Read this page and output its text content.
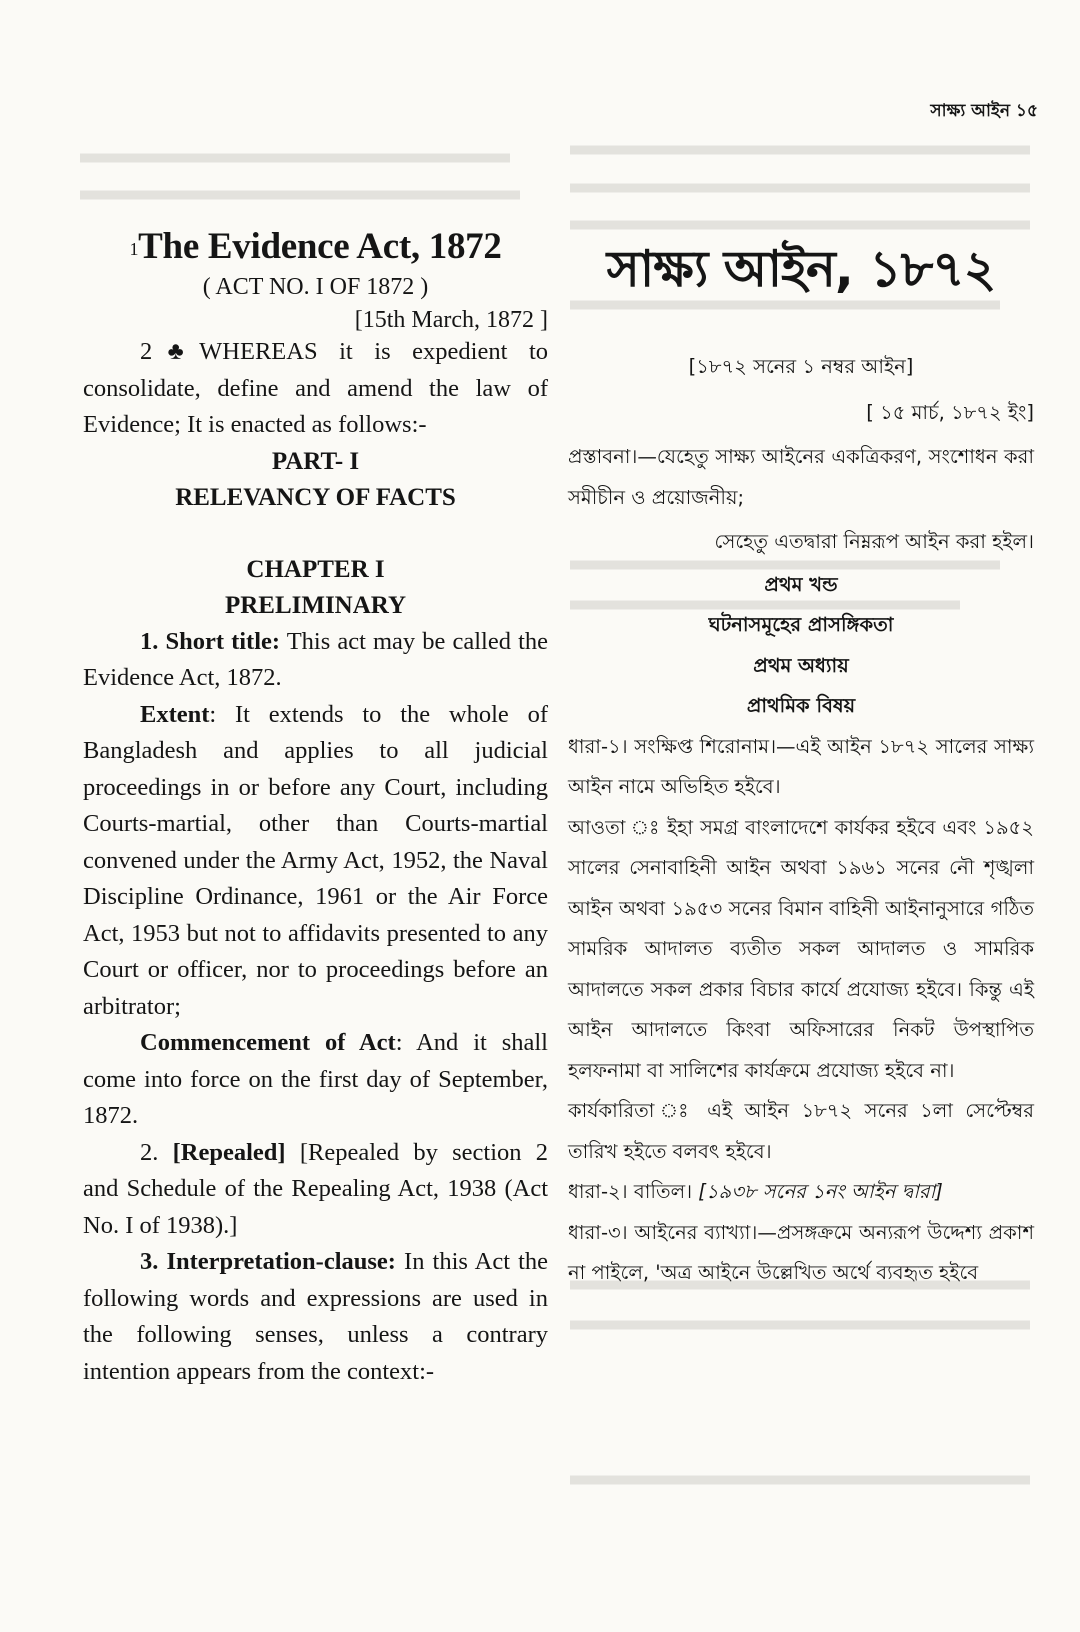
সাক্ষ্য আইন ১৫
$^1$The Evidence Act, 1872
( ACT NO. I OF 1872 )
[15th March, 1872 ]

2♣WHEREAS it is expedient to consolidate, define and amend the law of Evidence; It is enacted as follows:-

PART- I

RELEVANCY OF FACTS

CHAPTER I

PRELIMINARY

1. Short title: This act may be called the Evidence Act, 1872.

Extent: It extends to the whole of Bangladesh and applies to all judicial proceedings in or before any Court, including Courts-martial, other than Courts-martial convened under the Army Act, 1952, the Naval Discipline Ordinance, 1961 or the Air Force Act, 1953 but not to affidavits presented to any Court or officer, nor to proceedings before an arbitrator;

Commencement of Act: And it shall come into force on the first day of September, 1872.

2. [Repealed] [Repealed by section 2 and Schedule of the Repealing Act, 1938 (Act No. I of 1938).]

3. Interpretation-clause: In this Act the following words and expressions are used in the following senses, unless a contrary intention appears from the context:-

সাক্ষ্য আইন, ১৮৭২
[১৮৭২ সনের ১ নম্বর আইন]
[ ১৫ মার্চ, ১৮৭২ ইং]

প্রস্তাবনা।—যেহেতু সাক্ষ্য আইনের একত্রিকরণ, সংশোধন করা সমীচীন ও প্রয়োজনীয়;

সেহেতু এতদ্বারা নিম্নরূপ আইন করা হইল।

প্রথম খন্ড

ঘটনাসমূহের প্রাসঙ্গিকতা

প্রথম অধ্যায়

প্রাথমিক বিষয়

ধারা-১। সংক্ষিপ্ত শিরোনাম।—এই আইন ১৮৭২ সালের সাক্ষ্য আইন নামে অভিহিত হইবে।

আওতা ঃ ইহা সমগ্র বাংলাদেশে কার্যকর হইবে এবং ১৯৫২ সালের সেনাবাহিনী আইন অথবা ১৯৬১ সনের নৌ শৃঙ্খলা আইন অথবা ১৯৫৩ সনের বিমান বাহিনী আইনানুসারে গঠিত সামরিক আদালত ব্যতীত সকল আদালত ও সামরিক আদালতে সকল প্রকার বিচার কার্যে প্রযোজ্য হইবে। কিন্তু এই আইন আদালতে কিংবা অফিসারের নিকট উপস্থাপিত হলফনামা বা সালিশের কার্যক্রমে প্রযোজ্য হইবে না।

কার্যকারিতা ঃ এই আইন ১৮৭২ সনের ১লা সেপ্টেম্বর তারিখ হইতে বলবৎ হইবে।

ধারা-২। বাতিল। [১৯৩৮ সনের ১নং আইন দ্বারা]

ধারা-৩। আইনের ব্যাখ্যা।—প্রসঙ্গক্রমে অন্যরূপ উদ্দেশ্য প্রকাশ না পাইলে, 'অত্র আইনে উল্লেখিত অর্থে ব্যবহৃত হইবে
